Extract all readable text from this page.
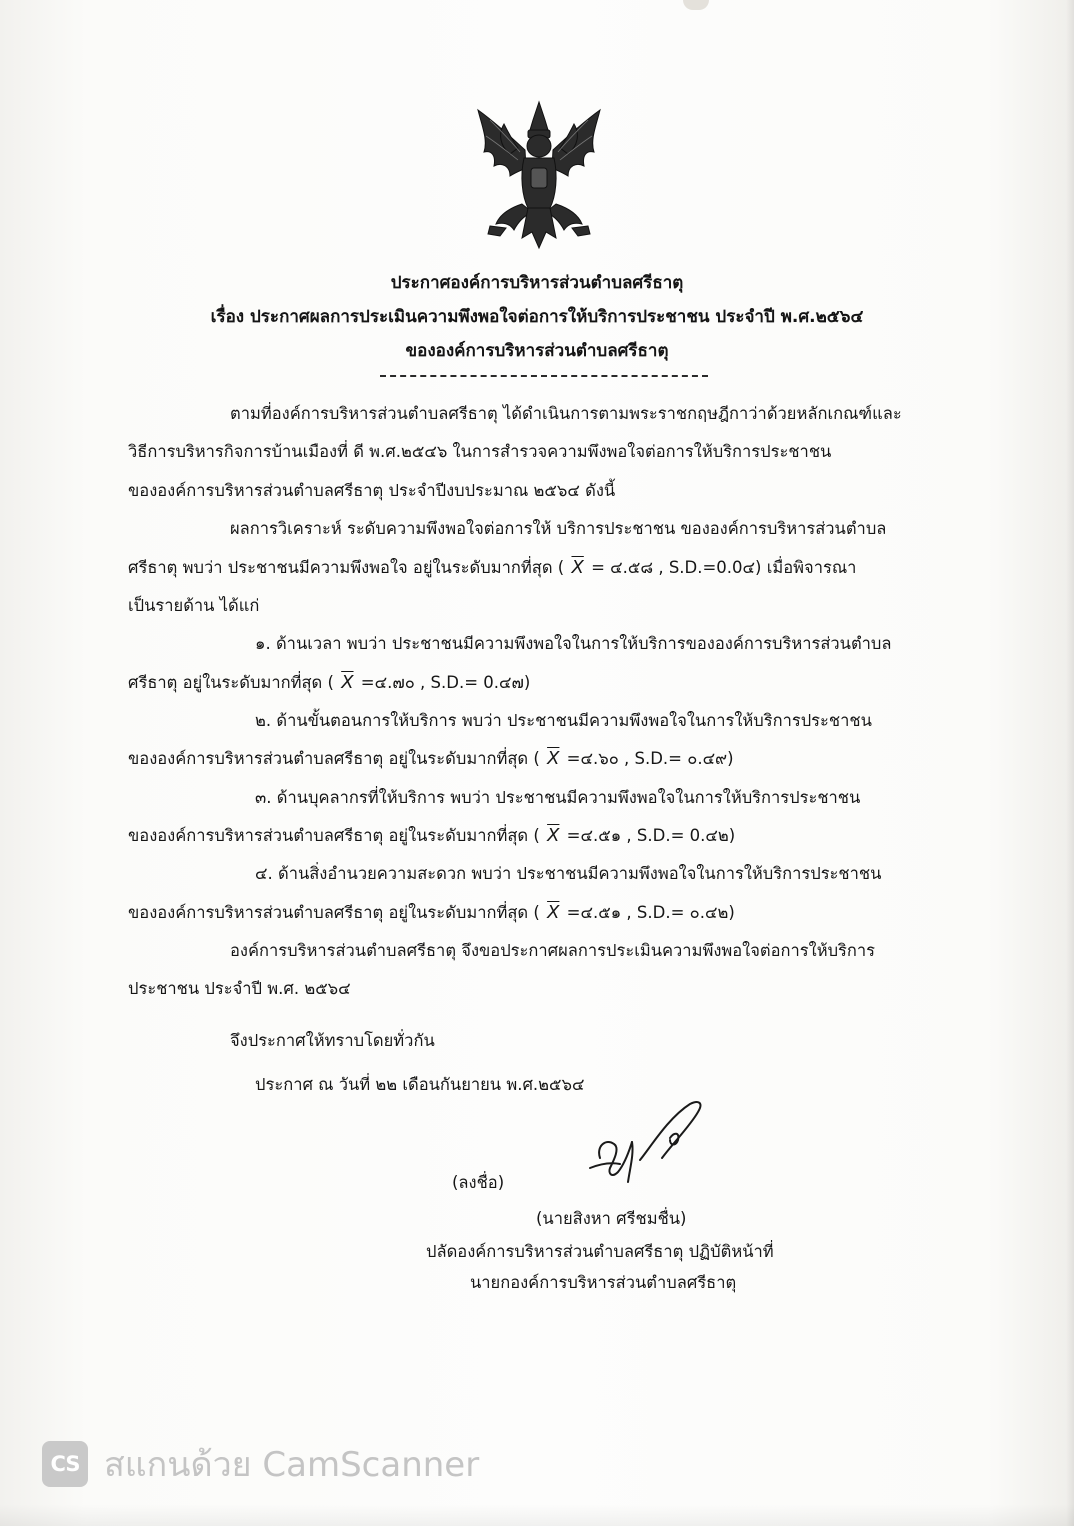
ประกาศองค์การบริหารส่วนตำบลศรีธาตุ
เรื่อง ประกาศผลการประเมินความพึงพอใจต่อการให้บริการประชาชน ประจำปี พ.ศ.๒๕๖๔
ขององค์การบริหารส่วนตำบลศรีธาตุ
ตามที่องค์การบริหารส่วนตำบลศรีธาตุ ได้ดำเนินการตามพระราชกฤษฎีกาว่าด้วยหลักเกณฑ์และ
วิธีการบริหารกิจการบ้านเมืองที่ ดี พ.ศ.๒๕๔๖ ในการสำรวจความพึงพอใจต่อการให้บริการประชาชน
ขององค์การบริหารส่วนตำบลศรีธาตุ ประจำปีงบประมาณ ๒๕๖๔ ดังนี้
ผลการวิเคราะห์ ระดับความพึงพอใจต่อการให้ บริการประชาชน ขององค์การบริหารส่วนตำบล
ศรีธาตุ พบว่า ประชาชนมีความพึงพอใจ อยู่ในระดับมากที่สุด ( $\overline{X}$ = ๔.๕๘ , S.D.=0.0๔) เมื่อพิจารณา
เป็นรายด้าน ได้แก่
๑. ด้านเวลา พบว่า ประชาชนมีความพึงพอใจในการให้บริการขององค์การบริหารส่วนตำบล
ศรีธาตุ อยู่ในระดับมากที่สุด ( $\overline{X}$ =๔.๗๐ , S.D.= 0.๔๗)
๒. ด้านขั้นตอนการให้บริการ พบว่า ประชาชนมีความพึงพอใจในการให้บริการประชาชน
ขององค์การบริหารส่วนตำบลศรีธาตุ อยู่ในระดับมากที่สุด ( $\overline{X}$ =๔.๖๐ , S.D.= ๐.๔๙)
๓. ด้านบุคลากรที่ให้บริการ พบว่า ประชาชนมีความพึงพอใจในการให้บริการประชาชน
ขององค์การบริหารส่วนตำบลศรีธาตุ อยู่ในระดับมากที่สุด ( $\overline{X}$ =๔.๕๑ , S.D.= 0.๔๒)
๔. ด้านสิ่งอำนวยความสะดวก พบว่า ประชาชนมีความพึงพอใจในการให้บริการประชาชน
ขององค์การบริหารส่วนตำบลศรีธาตุ อยู่ในระดับมากที่สุด ( $\overline{X}$ =๔.๕๑ , S.D.= ๐.๔๒)
องค์การบริหารส่วนตำบลศรีธาตุ จึงขอประกาศผลการประเมินความพึงพอใจต่อการให้บริการ
ประชาชน ประจำปี พ.ศ. ๒๕๖๔
จึงประกาศให้ทราบโดยทั่วกัน
ประกาศ ณ วันที่ ๒๒ เดือนกันยายน พ.ศ.๒๕๖๔
(ลงชื่อ)
(นายสิงหา ศรีชมชื่น)
ปลัดองค์การบริหารส่วนตำบลศรีธาตุ ปฏิบัติหน้าที่
นายกองค์การบริหารส่วนตำบลศรีธาตุ
CS สแกนด้วย CamScanner
